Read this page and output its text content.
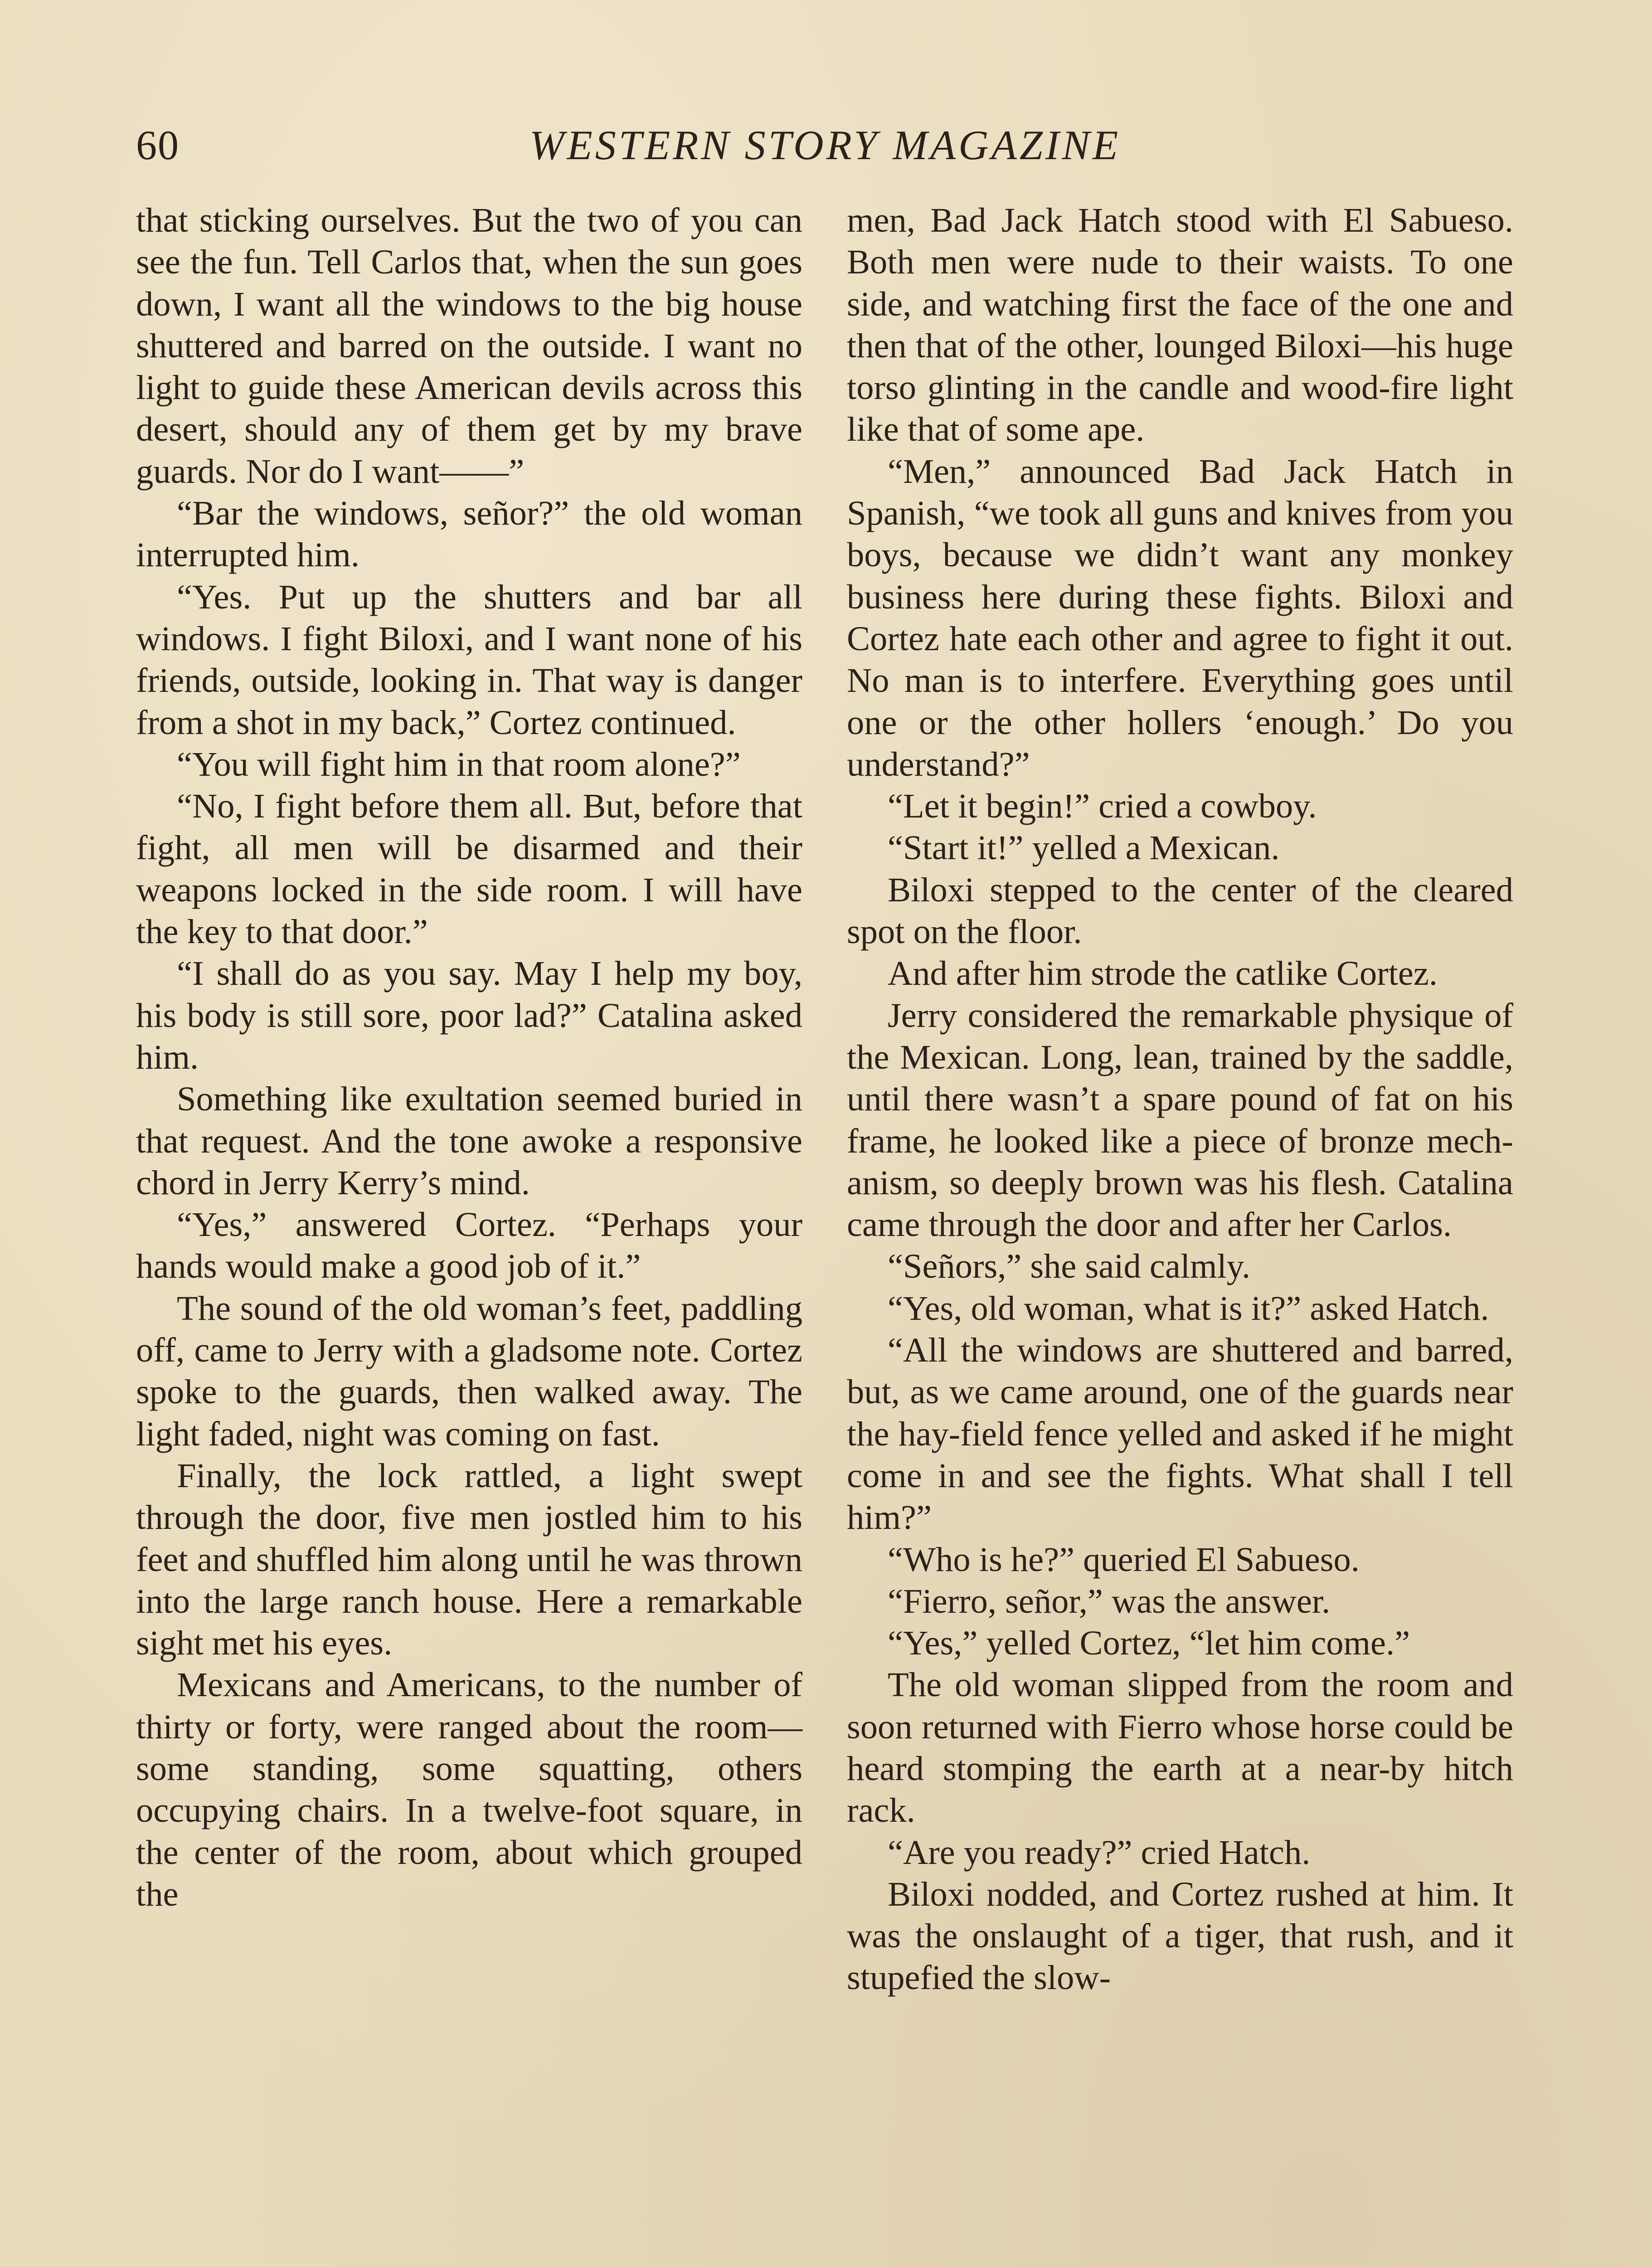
60	WESTERN STORY MAGAZINE

that sticking ourselves. But the two of you can see the fun. Tell Carlos that, when the sun goes down, I want all the windows to the big house shuttered and barred on the outside. I want no light to guide these American devils across this desert, should any of them get by my brave guards. Nor do I want——”

“Bar the windows, señor?” the old woman interrupted him.

“Yes. Put up the shutters and bar all windows. I fight Biloxi, and I want none of his friends, outside, looking in. That way is danger from a shot in my back,” Cortez continued.

“You will fight him in that room alone?”

“No, I fight before them all. But, before that fight, all men will be disarmed and their weapons locked in the side room. I will have the key to that door.”

“I shall do as you say. May I help my boy, his body is still sore, poor lad?” Catalina asked him.

Something like exultation seemed buried in that request. And the tone awoke a responsive chord in Jerry Kerry’s mind.

“Yes,” answered Cortez. “Perhaps your hands would make a good job of it.”

The sound of the old woman’s feet, paddling off, came to Jerry with a gladsome note. Cortez spoke to the guards, then walked away. The light faded, night was coming on fast.

Finally, the lock rattled, a light swept through the door, five men jostled him to his feet and shuffled him along until he was thrown into the large ranch house. Here a remarkable sight met his eyes.

Mexicans and Americans, to the number of thirty or forty, were ranged about the room—some standing, some squatting, others occupying chairs. In a twelve-foot square, in the center of the room, about which grouped the

men, Bad Jack Hatch stood with El Sabueso. Both men were nude to their waists. To one side, and watching first the face of the one and then that of the other, lounged Biloxi—his huge torso glinting in the candle and wood-fire light like that of some ape.

“Men,” announced Bad Jack Hatch in Spanish, “we took all guns and knives from you boys, because we didn’t want any monkey business here during these fights. Biloxi and Cortez hate each other and agree to fight it out. No man is to interfere. Everything goes until one or the other hollers ‘enough.’ Do you understand?”

“Let it begin!” cried a cowboy.

“Start it!” yelled a Mexican.

Biloxi stepped to the center of the cleared spot on the floor.

And after him strode the catlike Cortez.

Jerry considered the remarkable physique of the Mexican. Long, lean, trained by the saddle, until there wasn’t a spare pound of fat on his frame, he looked like a piece of bronze mechanism, so deeply brown was his flesh. Catalina came through the door and after her Carlos.

“Señors,” she said calmly.

“Yes, old woman, what is it?” asked Hatch.

“All the windows are shuttered and barred, but, as we came around, one of the guards near the hay-field fence yelled and asked if he might come in and see the fights. What shall I tell him?”

“Who is he?” queried El Sabueso.

“Fierro, señor,” was the answer.

“Yes,” yelled Cortez, “let him come.”

The old woman slipped from the room and soon returned with Fierro whose horse could be heard stomping the earth at a near-by hitch rack.

“Are you ready?” cried Hatch.

Biloxi nodded, and Cortez rushed at him. It was the onslaught of a tiger, that rush, and it stupefied the slow-
